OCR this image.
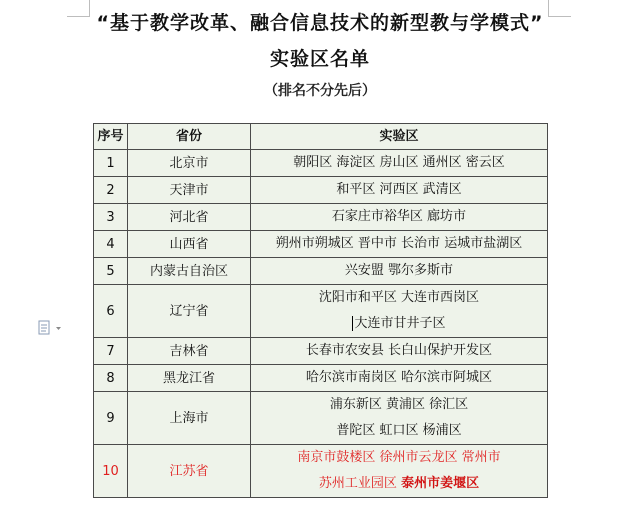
“基于教学改革、融合信息技术的新型教与学模式”
实验区名单
（排名不分先后）
序号	省份	实验区
1	北京市	朝阳区 海淀区 房山区 通州区 密云区

2	天津市	和平区 河西区 武清区

3	河北省	石家庄市裕华区 廊坊市

4	山西省	朔州市朔城区 晋中市 长治市 运城市盐湖区

5	内蒙古自治区	兴安盟 鄂尔多斯市

6	辽宁省	沈阳市和平区 大连市西岗区
大连市甘井子区

7	吉林省	长春市农安县 长白山保护开发区

8	黑龙江省	哈尔滨市南岗区 哈尔滨市阿城区

9	上海市	浦东新区 黄浦区 徐汇区
普陀区 虹口区 杨浦区

10	江苏省	南京市鼓楼区 徐州市云龙区 常州市
苏州工业园区 泰州市姜堰区
